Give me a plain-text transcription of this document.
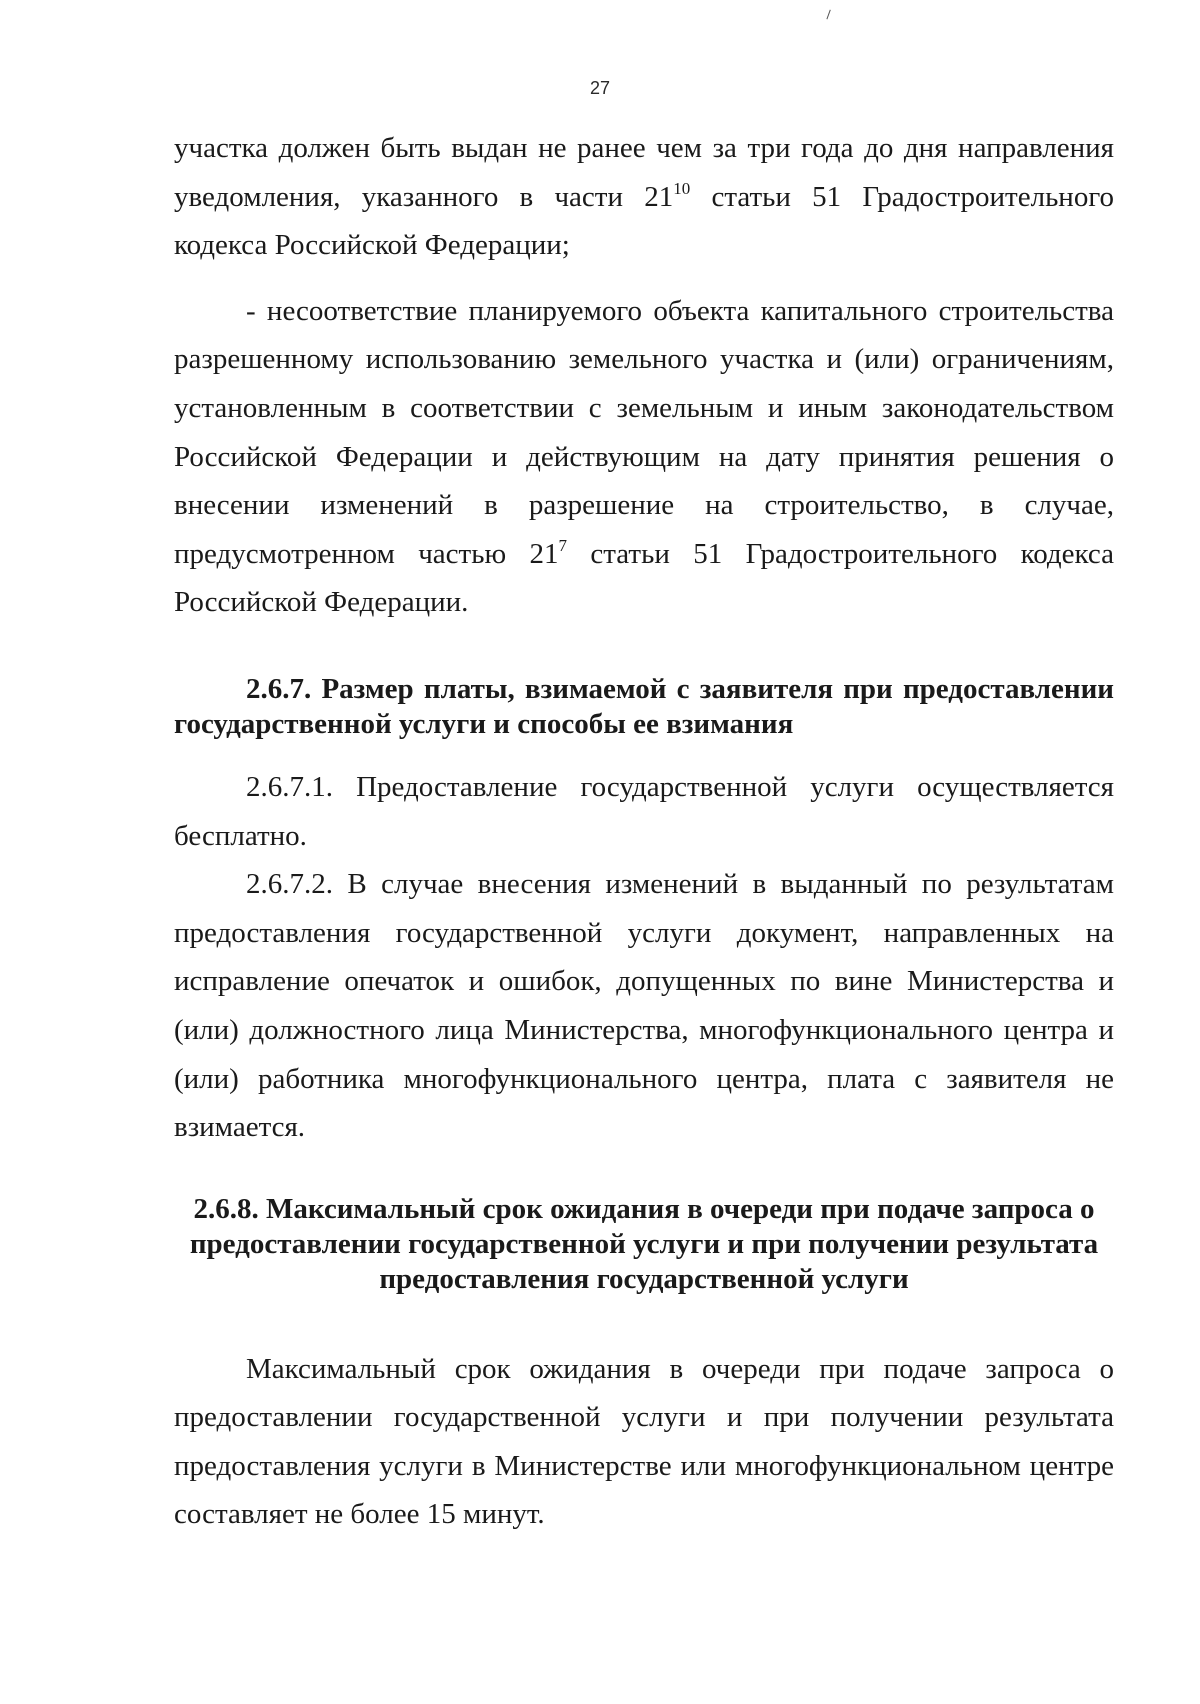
27

участка должен быть выдан не ранее чем за три года до дня направления уведомления, указанного в части $21^{10}$ статьи 51 Градостроительного кодекса Российской Федерации;

- несоответствие планируемого объекта капитального строительства разрешенному использованию земельного участка и (или) ограничениям, установленным в соответствии с земельным и иным законодательством Российской Федерации и действующим на дату принятия решения о внесении изменений в разрешение на строительство, в случае, предусмотренном частью $21^7$ статьи 51 Градостроительного кодекса Российской Федерации.

2.6.7. Размер платы, взимаемой с заявителя при предоставлении государственной услуги и способы ее взимания

2.6.7.1. Предоставление государственной услуги осуществляется бесплатно.

2.6.7.2. В случае внесения изменений в выданный по результатам предоставления государственной услуги документ, направленных на исправление опечаток и ошибок, допущенных по вине Министерства и (или) должностного лица Министерства, многофункционального центра и (или) работника многофункционального центра, плата с заявителя не взимается.

2.6.8. Максимальный срок ожидания в очереди при подаче запроса о предоставлении государственной услуги и при получении результата предоставления государственной услуги

Максимальный срок ожидания в очереди при подаче запроса о предоставлении государственной услуги и при получении результата предоставления услуги в Министерстве или многофункциональном центре составляет не более 15 минут.
